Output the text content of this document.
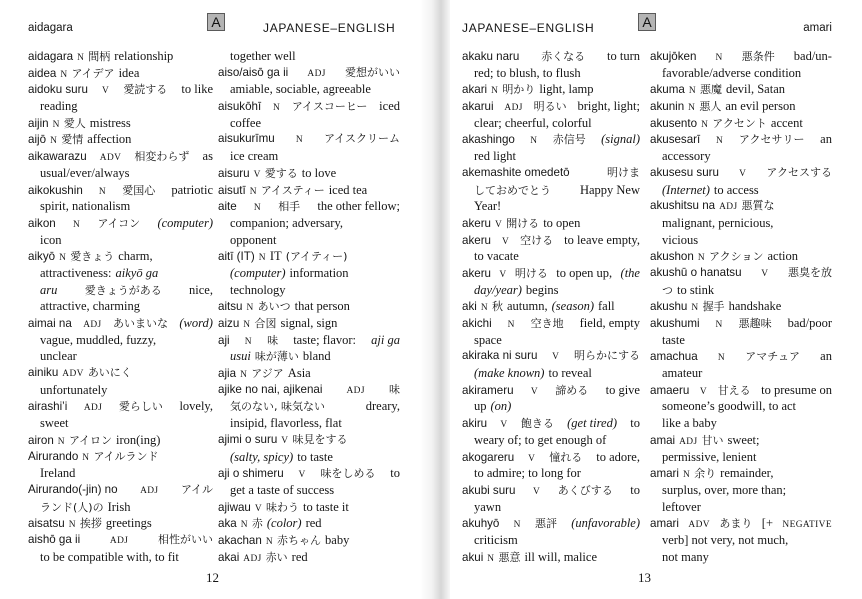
aidagara	A	JAPANESE–ENGLISH
aidagara N 間柄 relationship
aidea N アイデア idea
aidoku suru V 愛読する to like
reading
aijin N 愛人 mistress
aijō N 愛情 affection
aikawarazu ADV 相変わらず as
usual/ever/always
aikokushin N 愛国心 patriotic
spirit, nationalism
aikon N アイコン (computer)
icon
aikyō N 愛きょう charm,
attractiveness: aikyō ga
aru 愛きょうがある nice,
attractive, charming
aimai na ADJ あいまいな (word)
vague, muddled, fuzzy,
unclear
ainiku ADV あいにく
unfortunately
airashi’i ADJ 愛らしい lovely,
sweet
airon N アイロン iron(ing)
Airurando N アイルランド
Ireland
Airurando(-jin) no ADJ アイル
ランド(人)の Irish
aisatsu N 挨拶 greetings
aishō ga ii	ADJ	相性がいい
to be compatible with, to fit
together well
aiso/aisō ga ii ADJ 愛想がいい
amiable, sociable, agreeable
aisukōhī N アイスコーヒー iced
coffee
aisukurīmu N アイスクリーム
ice cream
aisuru V 愛する to love
aisutī N アイスティー iced tea
aite N 相手 the other fellow;
companion; adversary,
opponent
aitī (IT) N IT (アイティー)
(computer) information
technology
aitsu N あいつ that person
aizu N 合図 signal, sign
aji N 味 taste; flavor: aji ga
usui 味が薄い bland
ajia N アジア Asia
ajike no nai, ajikenai	ADJ 味
気のない, 味気ない	dreary,
insipid, flavorless, flat
ajimi o suru V 味見をする
(salty, spicy) to taste
aji o shimeru V 味をしめる to
get a taste of success
ajiwau V 味わう to taste it
aka N 赤 (color) red
akachan N 赤ちゃん baby
akai ADJ 赤い red
12
JAPANESE–ENGLISH	A	amari
akaku naru 赤くなる to turn
red; to blush, to flush
akari N 明かり light, lamp
akarui ADJ 明るい bright, light;
clear; cheerful, colorful
akashingo N 赤信号 (signal)
red light
akemashite omedetō	明けま
しておめでとう Happy New
Year!
akeru V 開ける to open
akeru V 空ける to leave empty,
to vacate
akeru V 明ける to open up, (the
day/year) begins
aki N 秋 autumn, (season) fall
akichi N 空き地 field, empty
space
akiraka ni suru V 明らかにする
(make known) to reveal
akirameru V 諦める to give
up (on)
akiru V 飽きる (get tired) to
weary of; to get enough of
akogareru V 憧れる to adore,
to admire; to long for
akubi suru V あくびする to
yawn
akuhyō N 悪評 (unfavorable)
criticism
akui N 悪意 ill will, malice
akujōken N 悪条件 bad/un-
favorable/adverse condition
akuma N 悪魔 devil, Satan
akunin N 悪人 an evil person
akusento N アクセント accent
akusesarī N アクセサリー an
accessory
akusesu suru V アクセスする
(Internet) to access
akushitsu na ADJ 悪質な
malignant, pernicious,
vicious
akushon N アクション action
akushū o hanatsu V 悪臭を放
つ to stink
akushu N 握手 handshake
akushumi N 悪趣味 bad/poor
taste
amachua N アマチュア an
amateur
amaeru V 甘える to presume on
someone’s goodwill, to act
like a baby
amai ADJ 甘い sweet;
permissive, lenient
amari N 余り remainder,
surplus, over, more than;
leftover
amari ADV あまり [+ NEGATIVE
verb] not very, not much,
not many
13
